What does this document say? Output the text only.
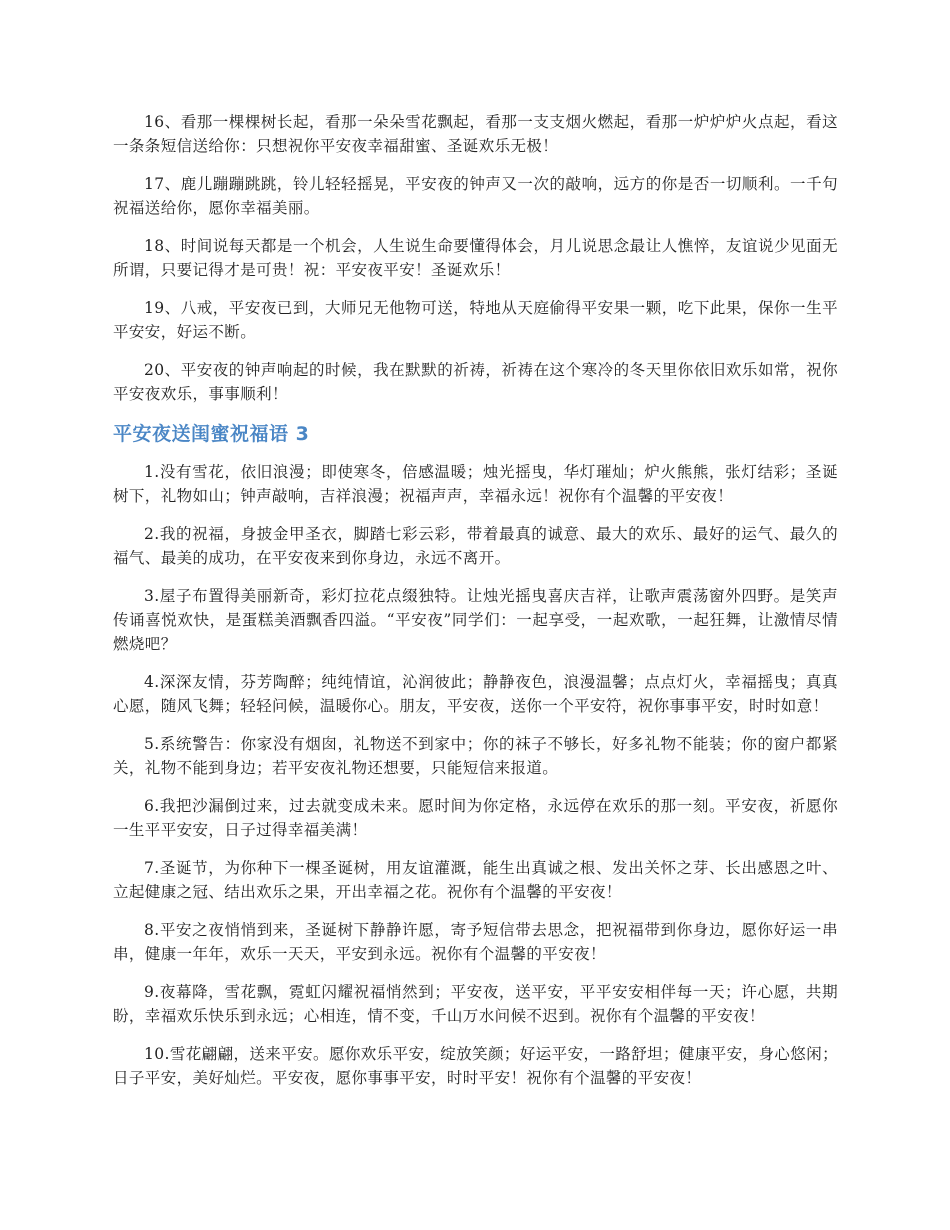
16、看那一棵棵树长起，看那一朵朵雪花飘起，看那一支支烟火燃起，看那一炉炉炉火点起，看这一条条短信送给你：只想祝你平安夜幸福甜蜜、圣诞欢乐无极！

17、鹿儿蹦蹦跳跳，铃儿轻轻摇晃，平安夜的钟声又一次的敲响，远方的你是否一切顺利。一千句祝福送给你，愿你幸福美丽。

18、时间说每天都是一个机会，人生说生命要懂得体会，月儿说思念最让人憔悴，友谊说少见面无所谓，只要记得才是可贵！祝：平安夜平安！圣诞欢乐！

19、八戒，平安夜已到，大师兄无他物可送，特地从天庭偷得平安果一颗，吃下此果，保你一生平平安安，好运不断。

20、平安夜的钟声响起的时候，我在默默的祈祷，祈祷在这个寒冷的冬天里你依旧欢乐如常，祝你平安夜欢乐，事事顺利！

平安夜送闺蜜祝福语 3

1.没有雪花，依旧浪漫；即使寒冬，倍感温暖；烛光摇曳，华灯璀灿；炉火熊熊，张灯结彩；圣诞树下，礼物如山；钟声敲响，吉祥浪漫；祝福声声，幸福永远！祝你有个温馨的平安夜！

2.我的祝福，身披金甲圣衣，脚踏七彩云彩，带着最真的诚意、最大的欢乐、最好的运气、最久的福气、最美的成功，在平安夜来到你身边，永远不离开。

3.屋子布置得美丽新奇，彩灯拉花点缀独特。让烛光摇曳喜庆吉祥，让歌声震荡窗外四野。是笑声传诵喜悦欢快，是蛋糕美酒飘香四溢。“平安夜”同学们：一起享受，一起欢歌，一起狂舞，让激情尽情燃烧吧？

4.深深友情，芬芳陶醉；纯纯情谊，沁润彼此；静静夜色，浪漫温馨；点点灯火，幸福摇曳；真真心愿，随风飞舞；轻轻问候，温暖你心。朋友，平安夜，送你一个平安符，祝你事事平安，时时如意！

5.系统警告：你家没有烟囱，礼物送不到家中；你的袜子不够长，好多礼物不能装；你的窗户都紧关，礼物不能到身边；若平安夜礼物还想要，只能短信来报道。

6.我把沙漏倒过来，过去就变成未来。愿时间为你定格，永远停在欢乐的那一刻。平安夜，祈愿你一生平平安安，日子过得幸福美满！

7.圣诞节，为你种下一棵圣诞树，用友谊灌溉，能生出真诚之根、发出关怀之芽、长出感恩之叶、立起健康之冠、结出欢乐之果，开出幸福之花。祝你有个温馨的平安夜！

8.平安之夜悄悄到来，圣诞树下静静许愿，寄予短信带去思念，把祝福带到你身边，愿你好运一串串，健康一年年，欢乐一天天，平安到永远。祝你有个温馨的平安夜！

9.夜幕降，雪花飘，霓虹闪耀祝福悄然到；平安夜，送平安，平平安安相伴每一天；许心愿，共期盼，幸福欢乐快乐到永远；心相连，情不变，千山万水问候不迟到。祝你有个温馨的平安夜！

10.雪花翩翩，送来平安。愿你欢乐平安，绽放笑颜；好运平安，一路舒坦；健康平安，身心悠闲；日子平安，美好灿烂。平安夜，愿你事事平安，时时平安！祝你有个温馨的平安夜！
